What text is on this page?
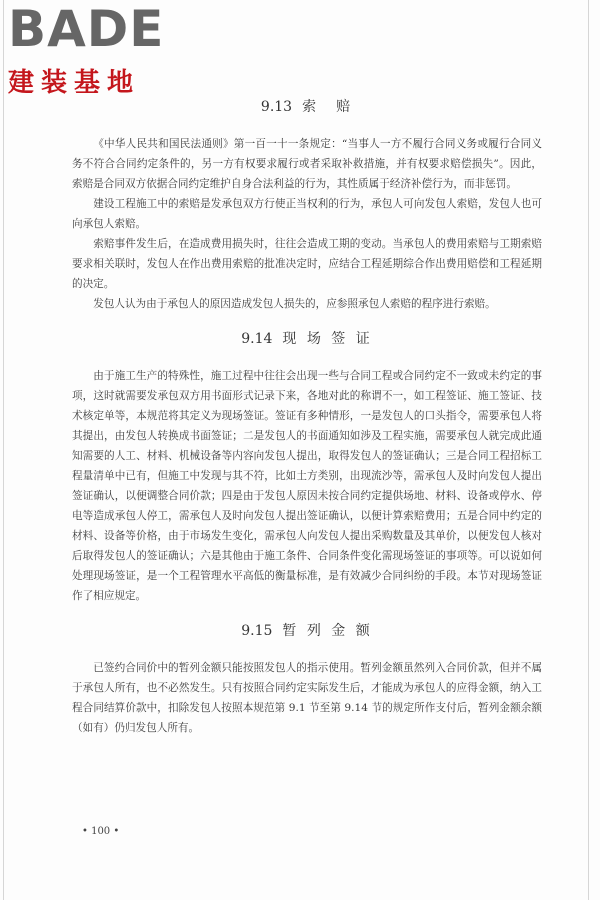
BADE
建装基地
9.13 索　赔

《中华人民共和国民法通则》第一百一十一条规定：“当事人一方不履行合同义务或履行合同义务不符合合同约定条件的，另一方有权要求履行或者采取补救措施，并有权要求赔偿损失”。因此，索赔是合同双方依据合同约定维护自身合法利益的行为，其性质属于经济补偿行为，而非惩罚。

建设工程施工中的索赔是发承包双方行使正当权利的行为，承包人可向发包人索赔，发包人也可向承包人索赔。

索赔事件发生后，在造成费用损失时，往往会造成工期的变动。当承包人的费用索赔与工期索赔要求相关联时，发包人在作出费用索赔的批准决定时，应结合工程延期综合作出费用赔偿和工程延期的决定。

发包人认为由于承包人的原因造成发包人损失的，应参照承包人索赔的程序进行索赔。

9.14 现 场 签 证

由于施工生产的特殊性，施工过程中往往会出现一些与合同工程或合同约定不一致或未约定的事项，这时就需要发承包双方用书面形式记录下来，各地对此的称谓不一，如工程签证、施工签证、技术核定单等，本规范将其定义为现场签证。签证有多种情形，一是发包人的口头指令，需要承包人将其提出，由发包人转换成书面签证；二是发包人的书面通知如涉及工程实施，需要承包人就完成此通知需要的人工、材料、机械设备等内容向发包人提出，取得发包人的签证确认；三是合同工程招标工程量清单中已有，但施工中发现与其不符，比如土方类别，出现流沙等，需承包人及时向发包人提出签证确认，以便调整合同价款；四是由于发包人原因未按合同约定提供场地、材料、设备或停水、停电等造成承包人停工，需承包人及时向发包人提出签证确认，以便计算索赔费用；五是合同中约定的材料、设备等价格，由于市场发生变化，需承包人向发包人提出采购数量及其单价，以便发包人核对后取得发包人的签证确认；六是其他由于施工条件、合同条件变化需现场签证的事项等。可以说如何处理现场签证，是一个工程管理水平高低的衡量标准，是有效减少合同纠纷的手段。本节对现场签证作了相应规定。

9.15 暂 列 金 额

已签约合同价中的暂列金额只能按照发包人的指示使用。暂列金额虽然列入合同价款，但并不属于承包人所有，也不必然发生。只有按照合同约定实际发生后，才能成为承包人的应得金额，纳入工程合同结算价款中，扣除发包人按照本规范第 9.1 节至第 9.14 节的规定所作支付后，暂列金额余额（如有）仍归发包人所有。

• 100 •
